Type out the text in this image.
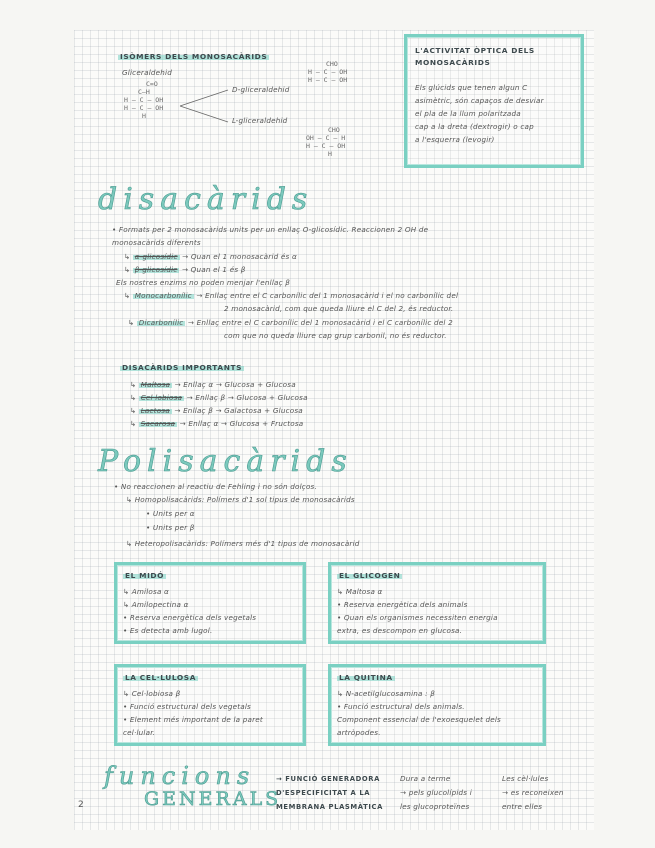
ISÒMERS DELS MONOSACÀRIDS
Gliceraldehid
C=O
C–H
H – C – OH
H – C – OH
H
D-gliceraldehid
L-gliceraldehid
CHO
H – C – OH
H – C – OH
CHO
OH – C – H
H – C – OH
H
L'ACTIVITAT ÒPTICA DELS MONOSACÀRIDS
Els glúcids que tenen algun C
asimètric, són capaços de desviar
el pla de la llum polaritzada
cap a la dreta (dextrogir) o cap
a l'esquerra (levogir)
disacàrids
• Formats per 2 monosacàrids units per un enllaç O-glicosídic. Reaccionen 2 OH de
monosacàrids diferents
↳ α-glicosídic → Quan el 1 monosacàrid és α
↳ β-glicosídic → Quan el 1 és β
Els nostres enzims no poden menjar l'enllaç β
↳ Monocarbonílic → Enllaç entre el C carbonílic del 1 monosacàrid i el no carbonílic del
2 monosacàrid, com que queda lliure el C del 2, és reductor.
↳ Dicarbonílic → Enllaç entre el C carbonílic del 1 monosacàrid i el C carbonílic del 2
com que no queda lliure cap grup carbonil, no és reductor.
DISACÀRIDS IMPORTANTS
↳ Maltosa → Enllaç α → Glucosa + Glucosa
↳ Cel·lobiosa → Enllaç β → Glucosa + Glucosa
↳ Lactosa → Enllaç β → Galactosa + Glucosa
↳ Sacarosa → Enllaç α → Glucosa + Fructosa
Polisacàrids
• No reaccionen al reactiu de Fehling i no són dolços.
↳ Homopolisacàrids: Polímers d'1 sol tipus de monosacàrids
• Units per α
• Units per β
↳ Heteropolisacàrids: Polímers més d'1 tipus de monosacàrid
EL MIDÓ
↳ Amilosa α
↳ Amilopectina α
• Reserva energètica dels vegetals
• Es detecta amb lugol.
EL GLICOGEN
↳ Maltosa α
• Reserva energètica dels animals
• Quan els organismes necessiten energia
extra, es descompon en glucosa.
LA CEL·LULOSA
↳ Cel·lobiosa β
• Funció estructural dels vegetals
• Element més important de la paret
cel·lular.
LA QUITINA
↳ N-acetilglucosamina : β
• Funció estructural dels animals.
Component essencial de l'exoesquelet dels
artròpodes.
funcions
GENERALS
→ FUNCIÓ GENERADORA
D'ESPECIFICITAT A LA
MEMBRANA PLASMÀTICA
Dura a terme
→ pels glucolípids i
les glucoproteïnes
Les cèl·lules
→ es reconeixen
entre elles
2
